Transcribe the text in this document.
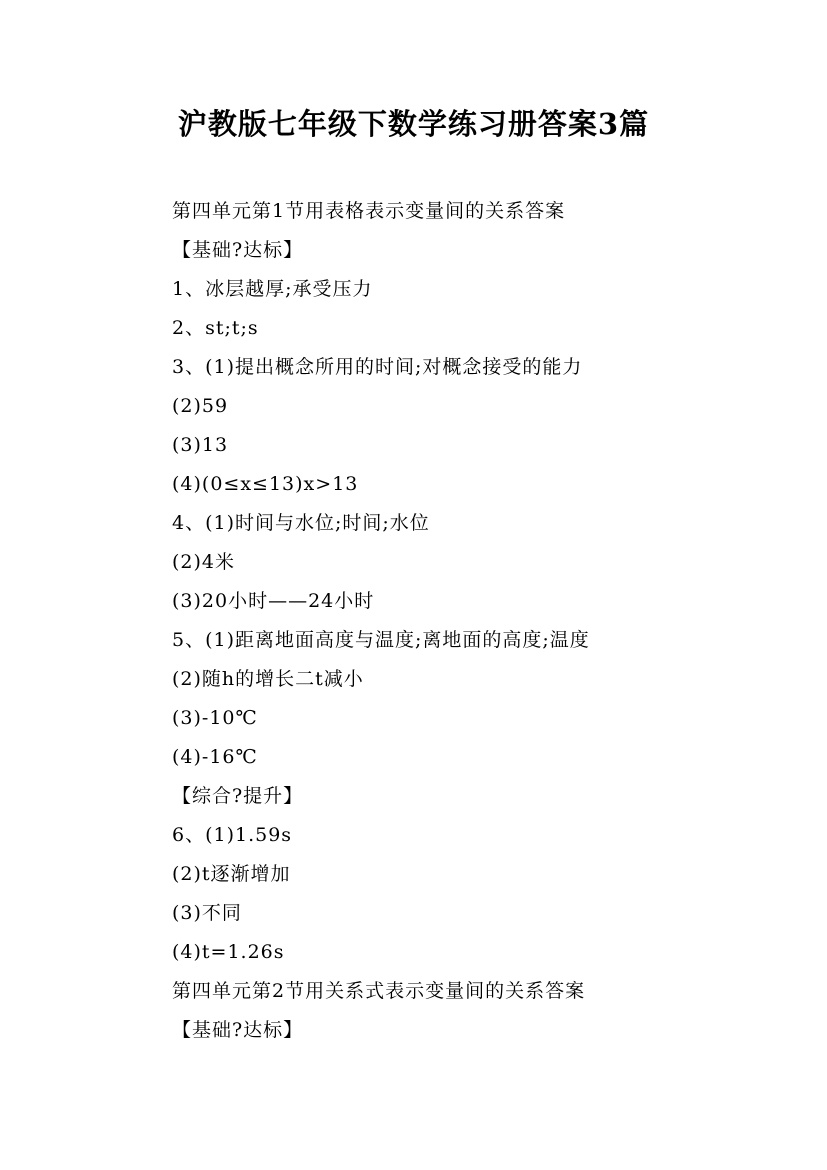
沪教版七年级下数学练习册答案3篇
第四单元第1节用表格表示变量间的关系答案
【基础?达标】
1、冰层越厚;承受压力
2、st;t;s
3、(1)提出概念所用的时间;对概念接受的能力
(2)59
(3)13
(4)(0≤x≤13)x>13
4、(1)时间与水位;时间;水位
(2)4米
(3)20小时——24小时
5、(1)距离地面高度与温度;离地面的高度;温度
(2)随h的增长二t减小
(3)-10℃
(4)-16℃
【综合?提升】
6、(1)1.59s
(2)t逐渐增加
(3)不同
(4)t=1.26s
第四单元第2节用关系式表示变量间的关系答案
【基础?达标】
